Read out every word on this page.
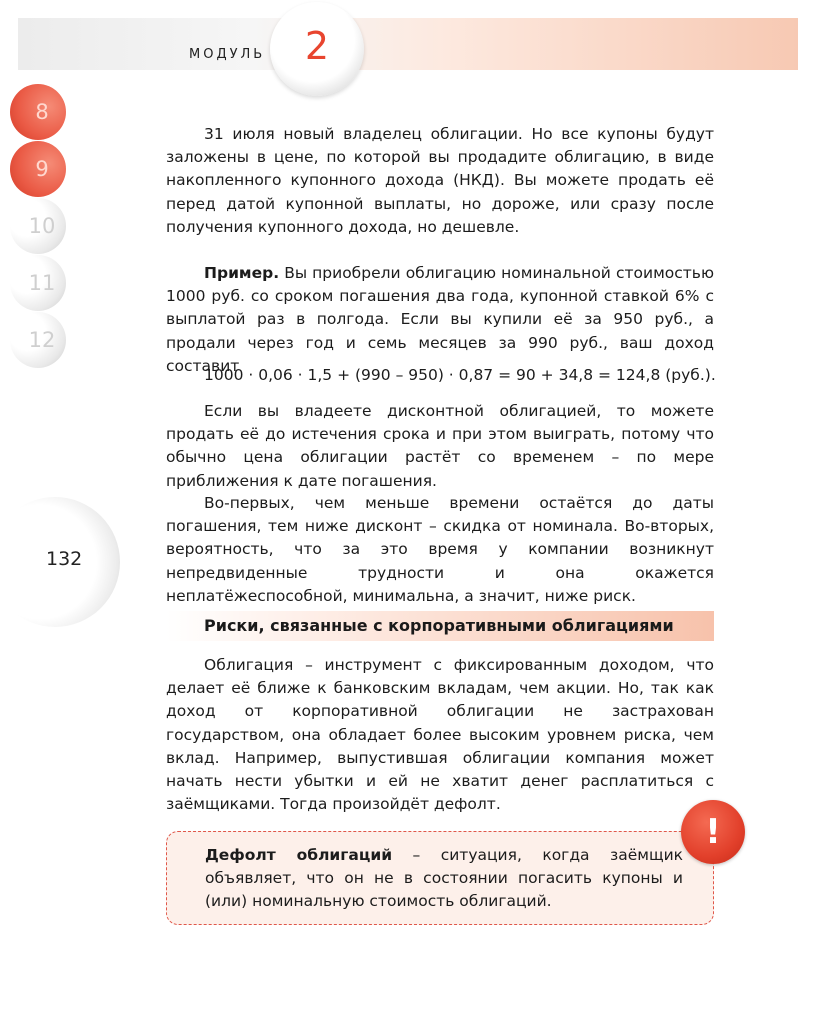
МОДУЛЬ	2
8
9
10
11
12
132

31 июля новый владелец облигации. Но все купоны будут заложены в цене, по которой вы продадите облигацию, в виде накопленного купонного дохода (НКД). Вы можете продать её перед датой купонной выплаты, но дороже, или сразу после получения купонного дохода, но дешевле.

Пример. Вы приобрели облигацию номинальной стоимостью 1000 руб. со сроком погашения два года, купонной ставкой 6% с выплатой раз в полгода. Если вы купили её за 950 руб., а продали через год и семь месяцев за 990 руб., ваш доход составит

1000 · 0,06 · 1,5 + (990 – 950) · 0,87 = 90 + 34,8 = 124,8 (руб.).

Если вы владеете дисконтной облигацией, то можете продать её до истечения срока и при этом выиграть, потому что обычно цена облигации растёт со временем – по мере приближения к дате погашения.

Во-первых, чем меньше времени остаётся до даты погашения, тем ниже дисконт – скидка от номинала. Во-вторых, вероятность, что за это время у компании возникнут непредвиденные трудности и она окажется неплатёжеспособной, минимальна, а значит, ниже риск.

Риски, связанные с корпоративными облигациями

Облигация – инструмент с фиксированным доходом, что делает её ближе к банковским вкладам, чем акции. Но, так как доход от корпоративной облигации не застрахован государством, она обладает более высоким уровнем риска, чем вклад. Например, выпустившая облигации компания может начать нести убытки и ей не хватит денег расплатиться с заёмщиками. Тогда произойдёт дефолт.

Дефолт облигаций – ситуация, когда заёмщик объявляет, что он не в состоянии погасить купоны и (или) номинальную стоимость облигаций.

!
